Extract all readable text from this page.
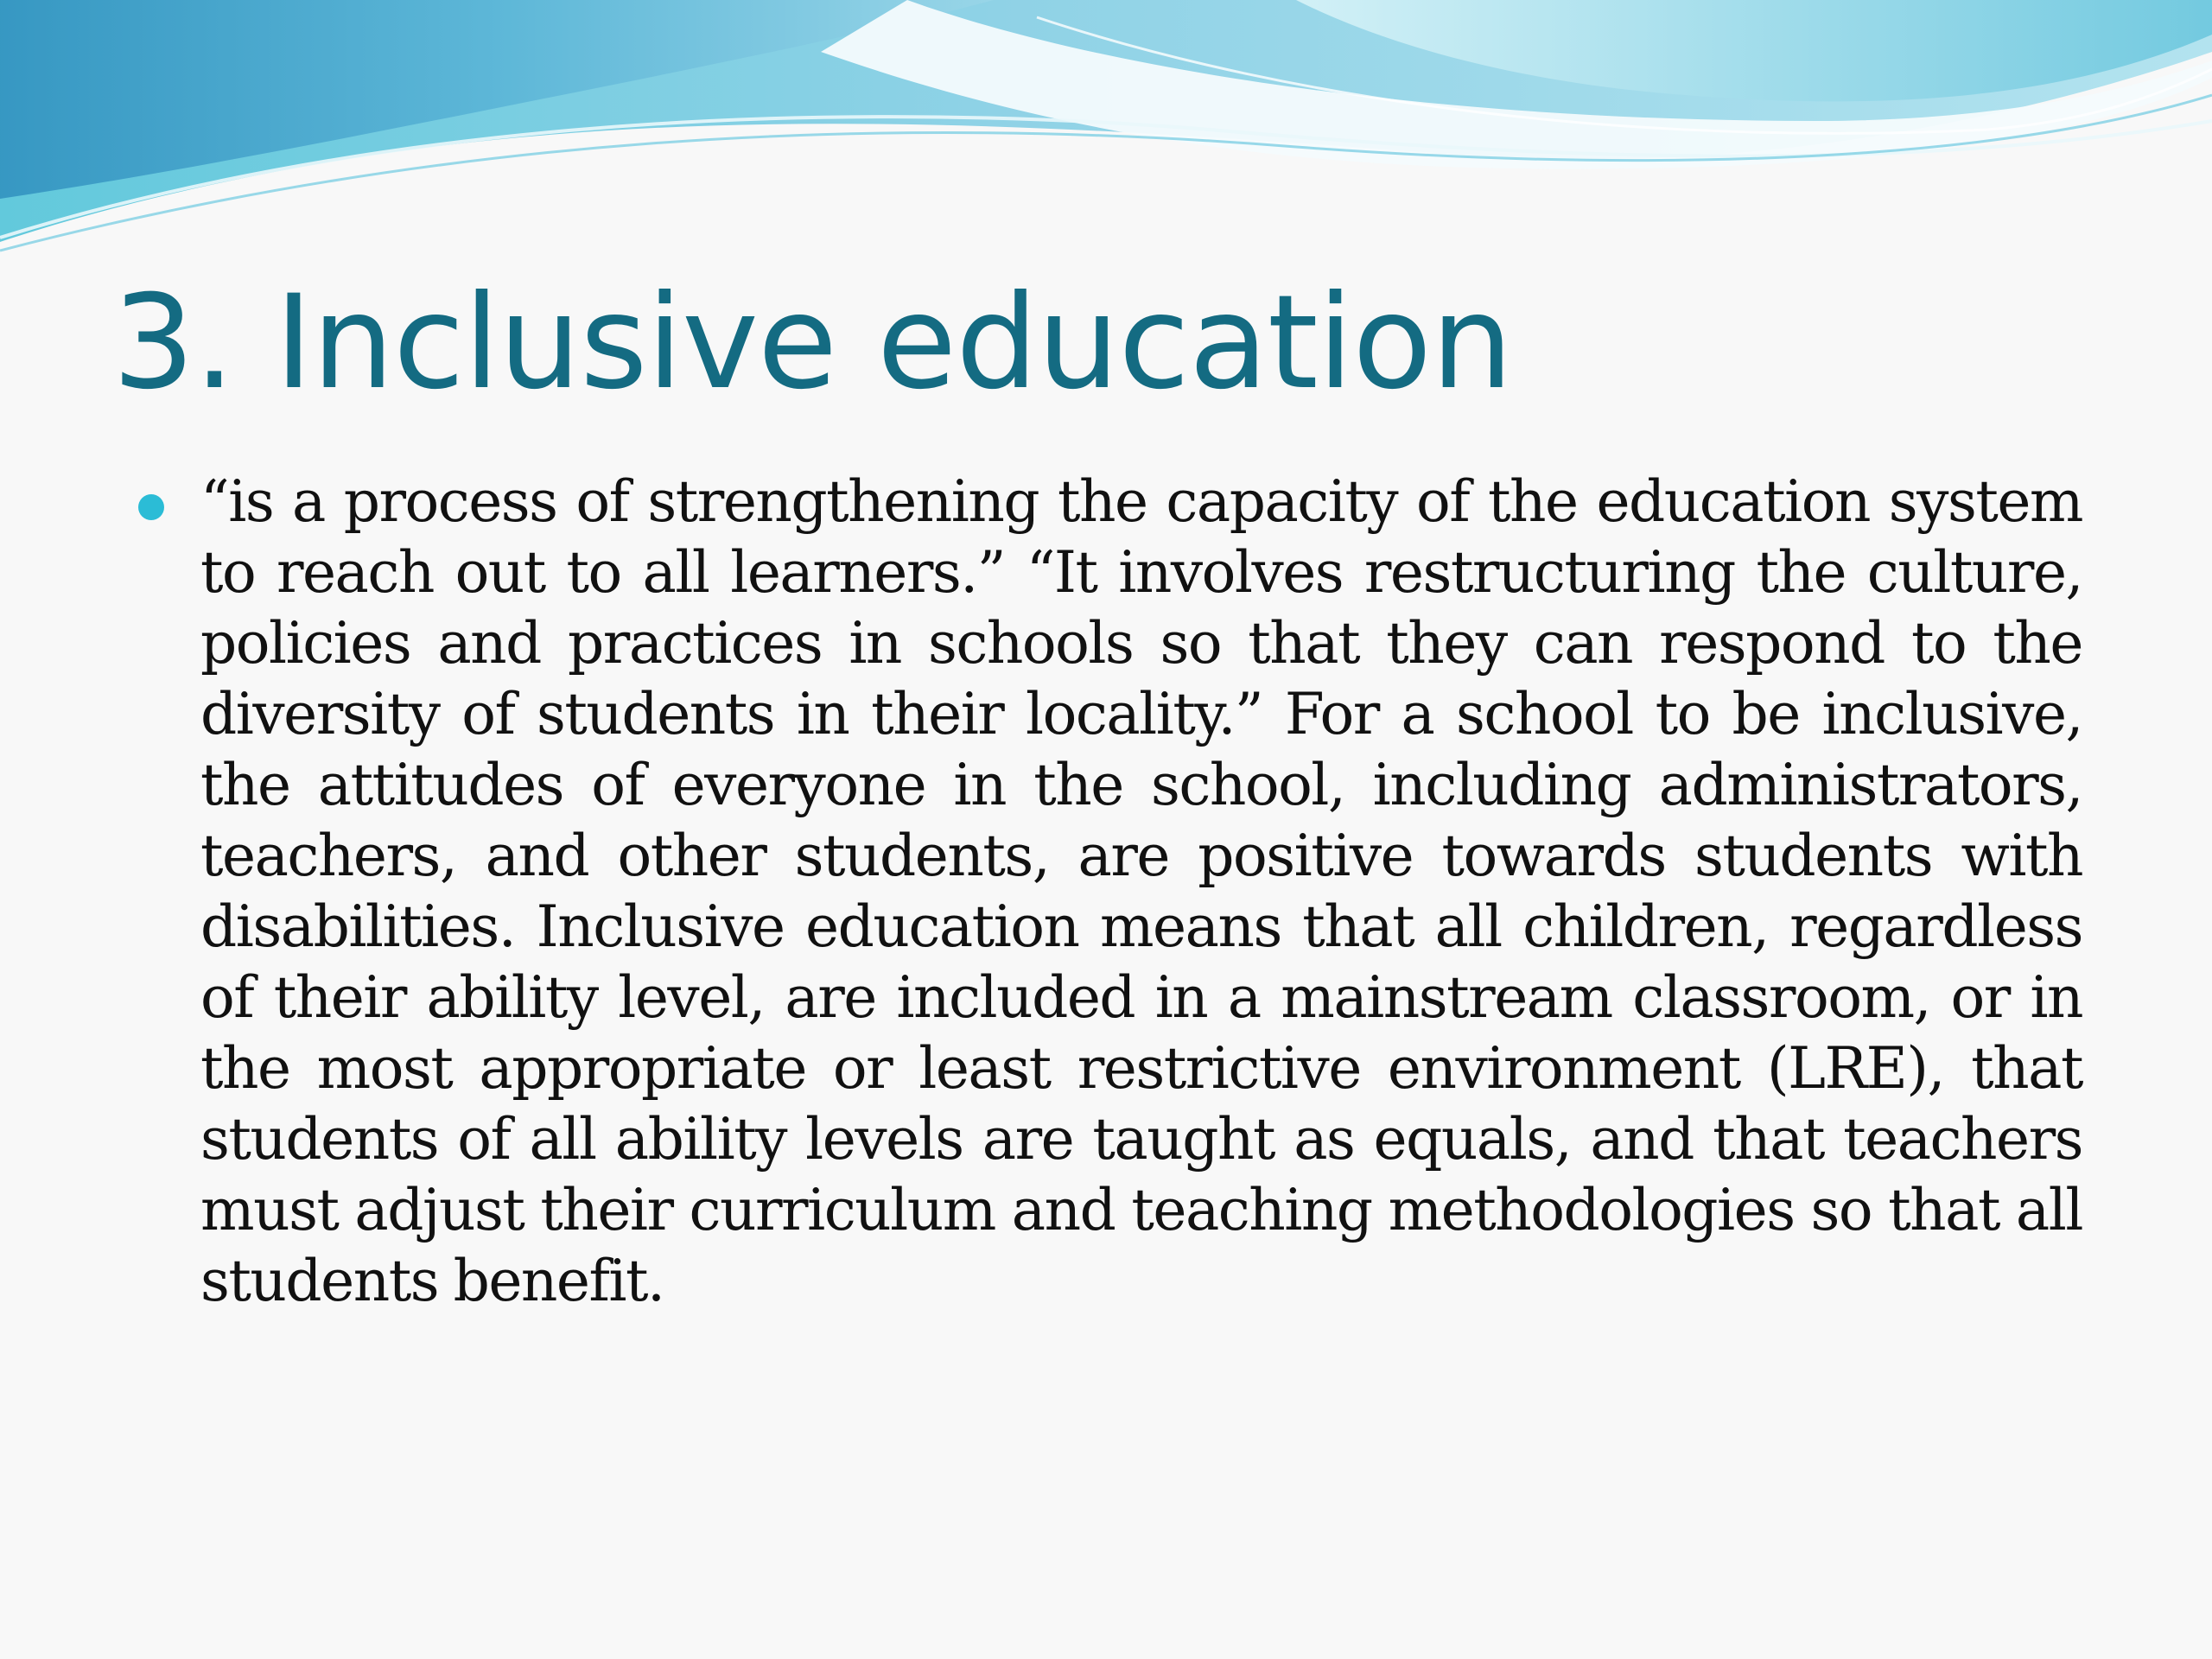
3. Inclusive education

“is a process of strengthening the capacity of the education system to reach out to all learners.” “It involves restructuring the culture, policies and practices in schools so that they can respond to the diversity of students in their locality.” For a school to be inclusive, the attitudes of everyone in the school, including administrators, teachers, and other students, are positive towards students with disabilities. Inclusive education means that all children, regardless of their ability level, are included in a mainstream classroom, or in the most appropriate or least restrictive environment (LRE), that students of all ability levels are taught as equals, and that teachers must adjust their curriculum and teaching methodologies so that all students benefit.
